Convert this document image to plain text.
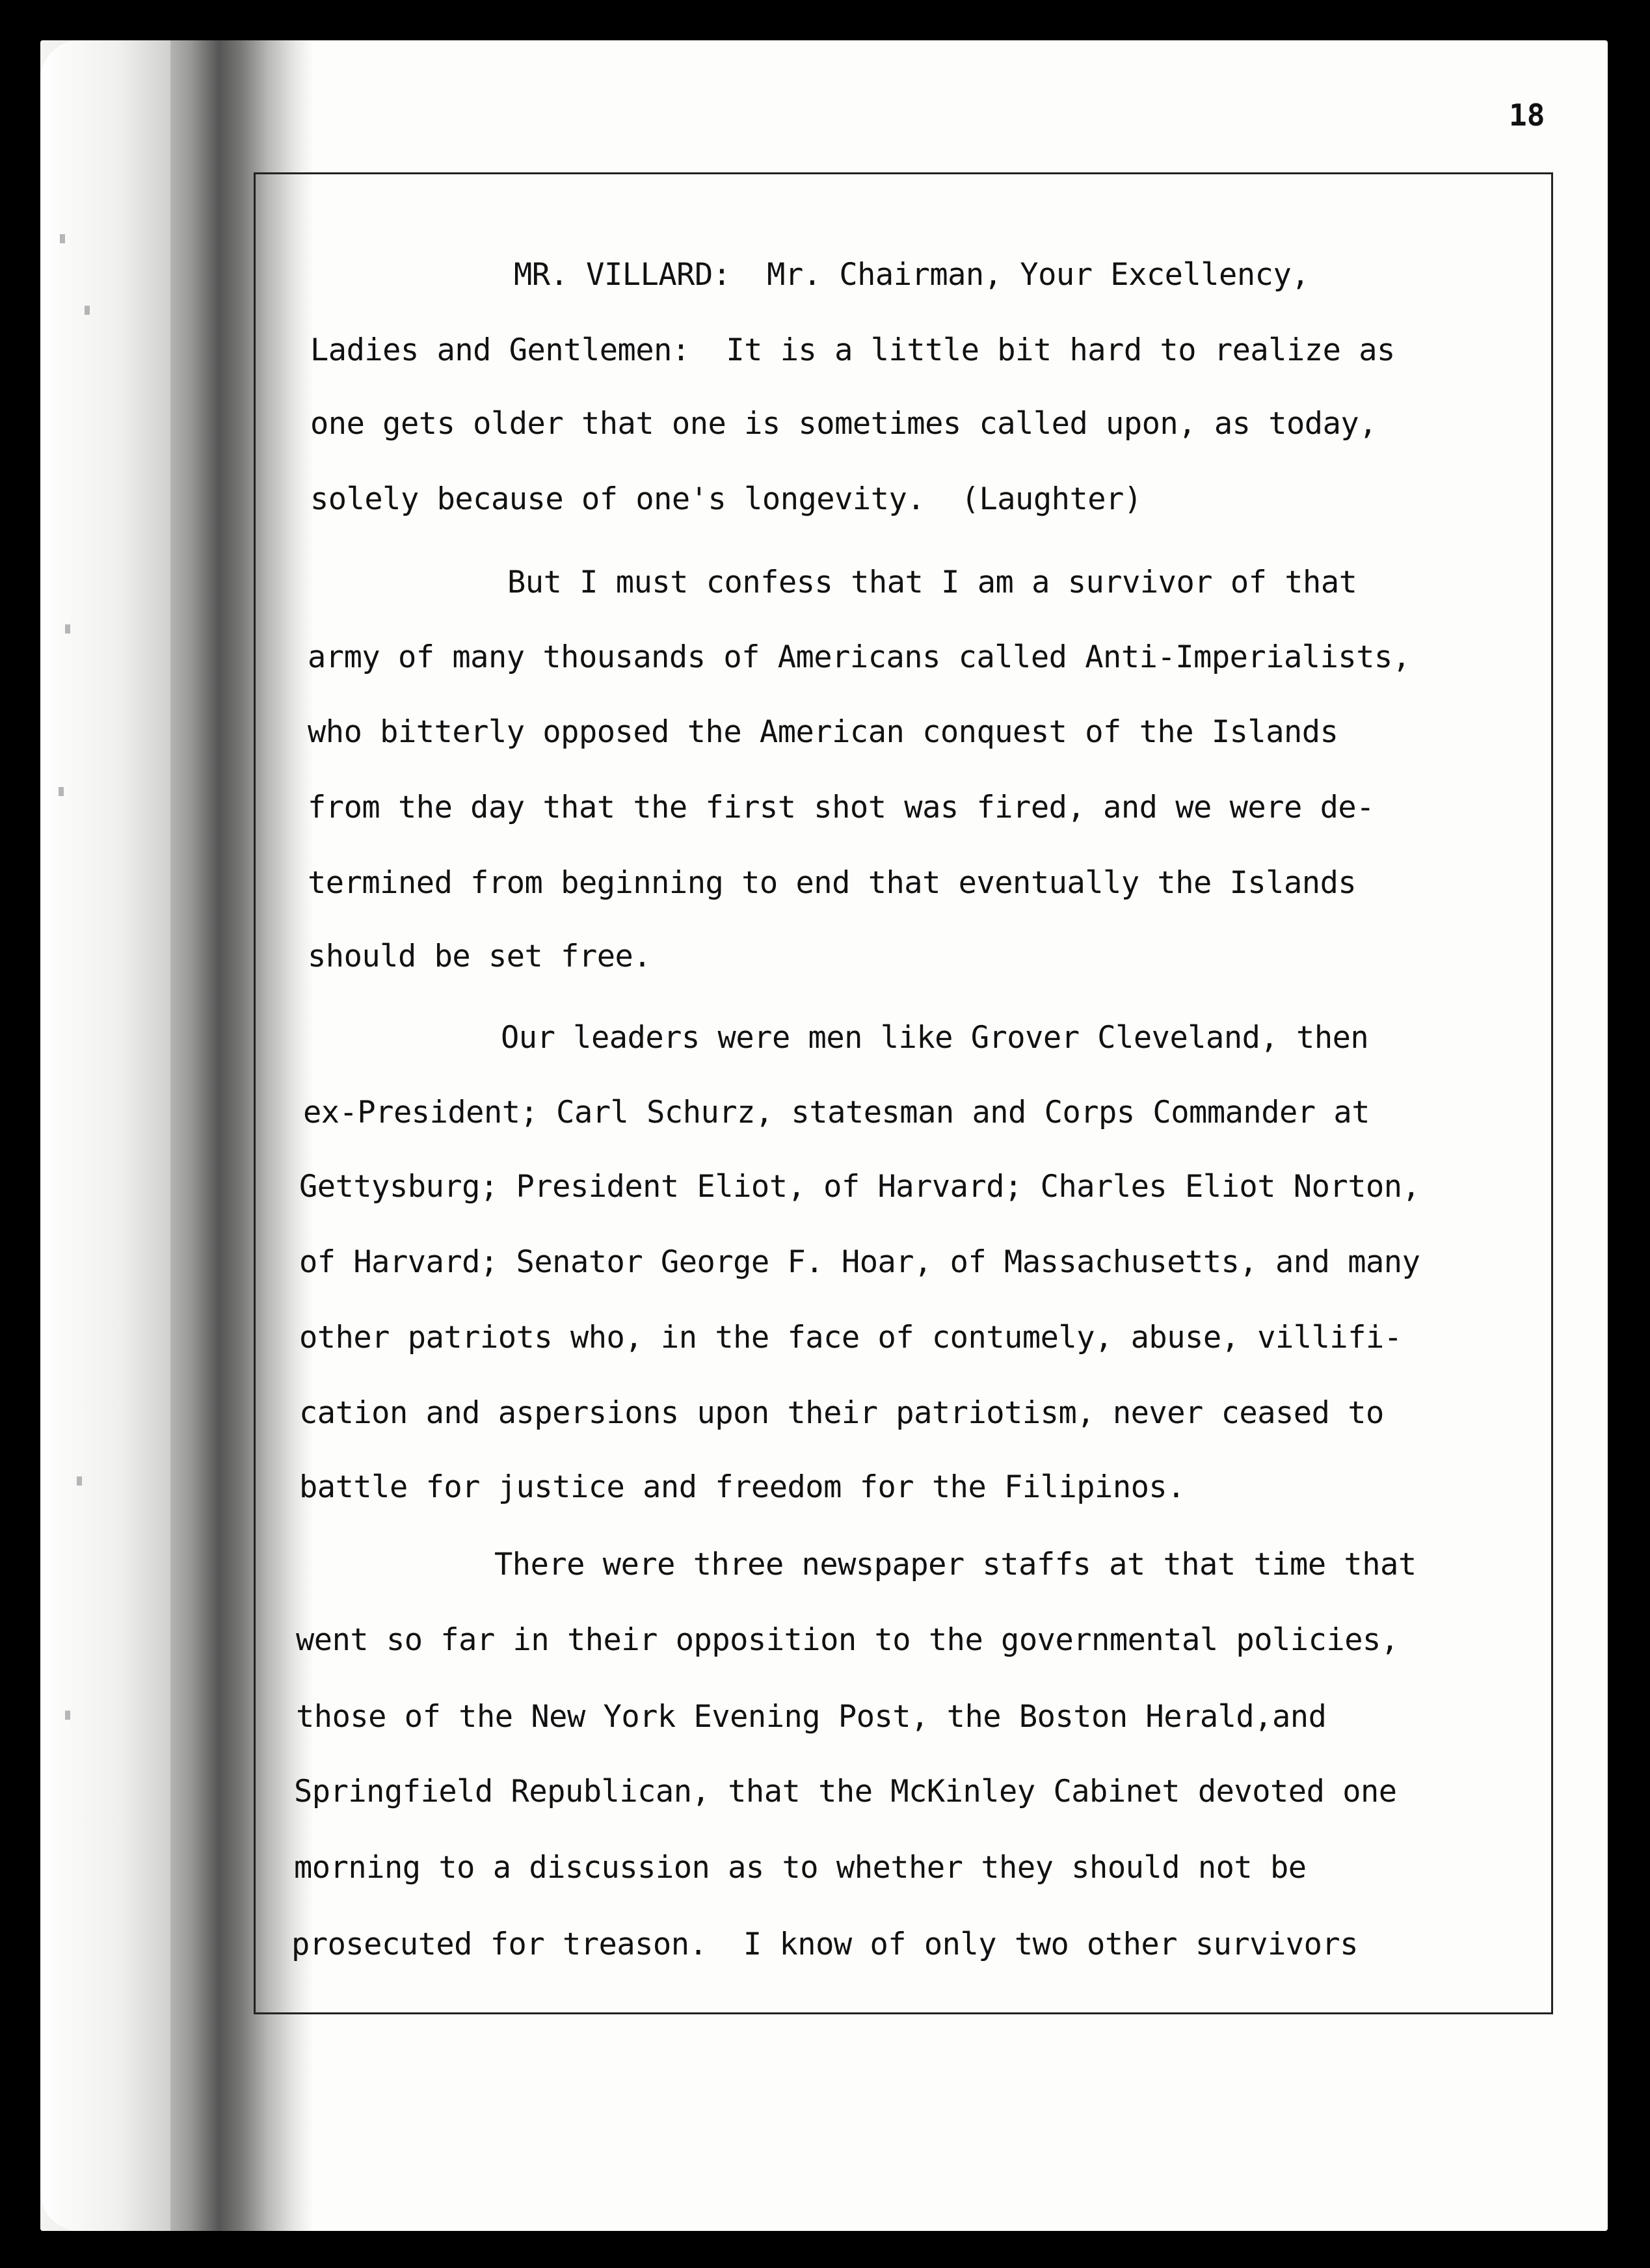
18
MR. VILLARD:  Mr. Chairman, Your Excellency,
Ladies and Gentlemen:  It is a little bit hard to realize as
one gets older that one is sometimes called upon, as today,
solely because of one's longevity.  (Laughter)
But I must confess that I am a survivor of that
army of many thousands of Americans called Anti-Imperialists,
who bitterly opposed the American conquest of the Islands
from the day that the first shot was fired, and we were de-
termined from beginning to end that eventually the Islands
should be set free.
Our leaders were men like Grover Cleveland, then
ex-President; Carl Schurz, statesman and Corps Commander at
Gettysburg; President Eliot, of Harvard; Charles Eliot Norton,
of Harvard; Senator George F. Hoar, of Massachusetts, and many
other patriots who, in the face of contumely, abuse, villifi-
cation and aspersions upon their patriotism, never ceased to
battle for justice and freedom for the Filipinos.
There were three newspaper staffs at that time that
went so far in their opposition to the governmental policies,
those of the New York Evening Post, the Boston Herald,and
Springfield Republican, that the McKinley Cabinet devoted one
morning to a discussion as to whether they should not be
prosecuted for treason.  I know of only two other survivors
